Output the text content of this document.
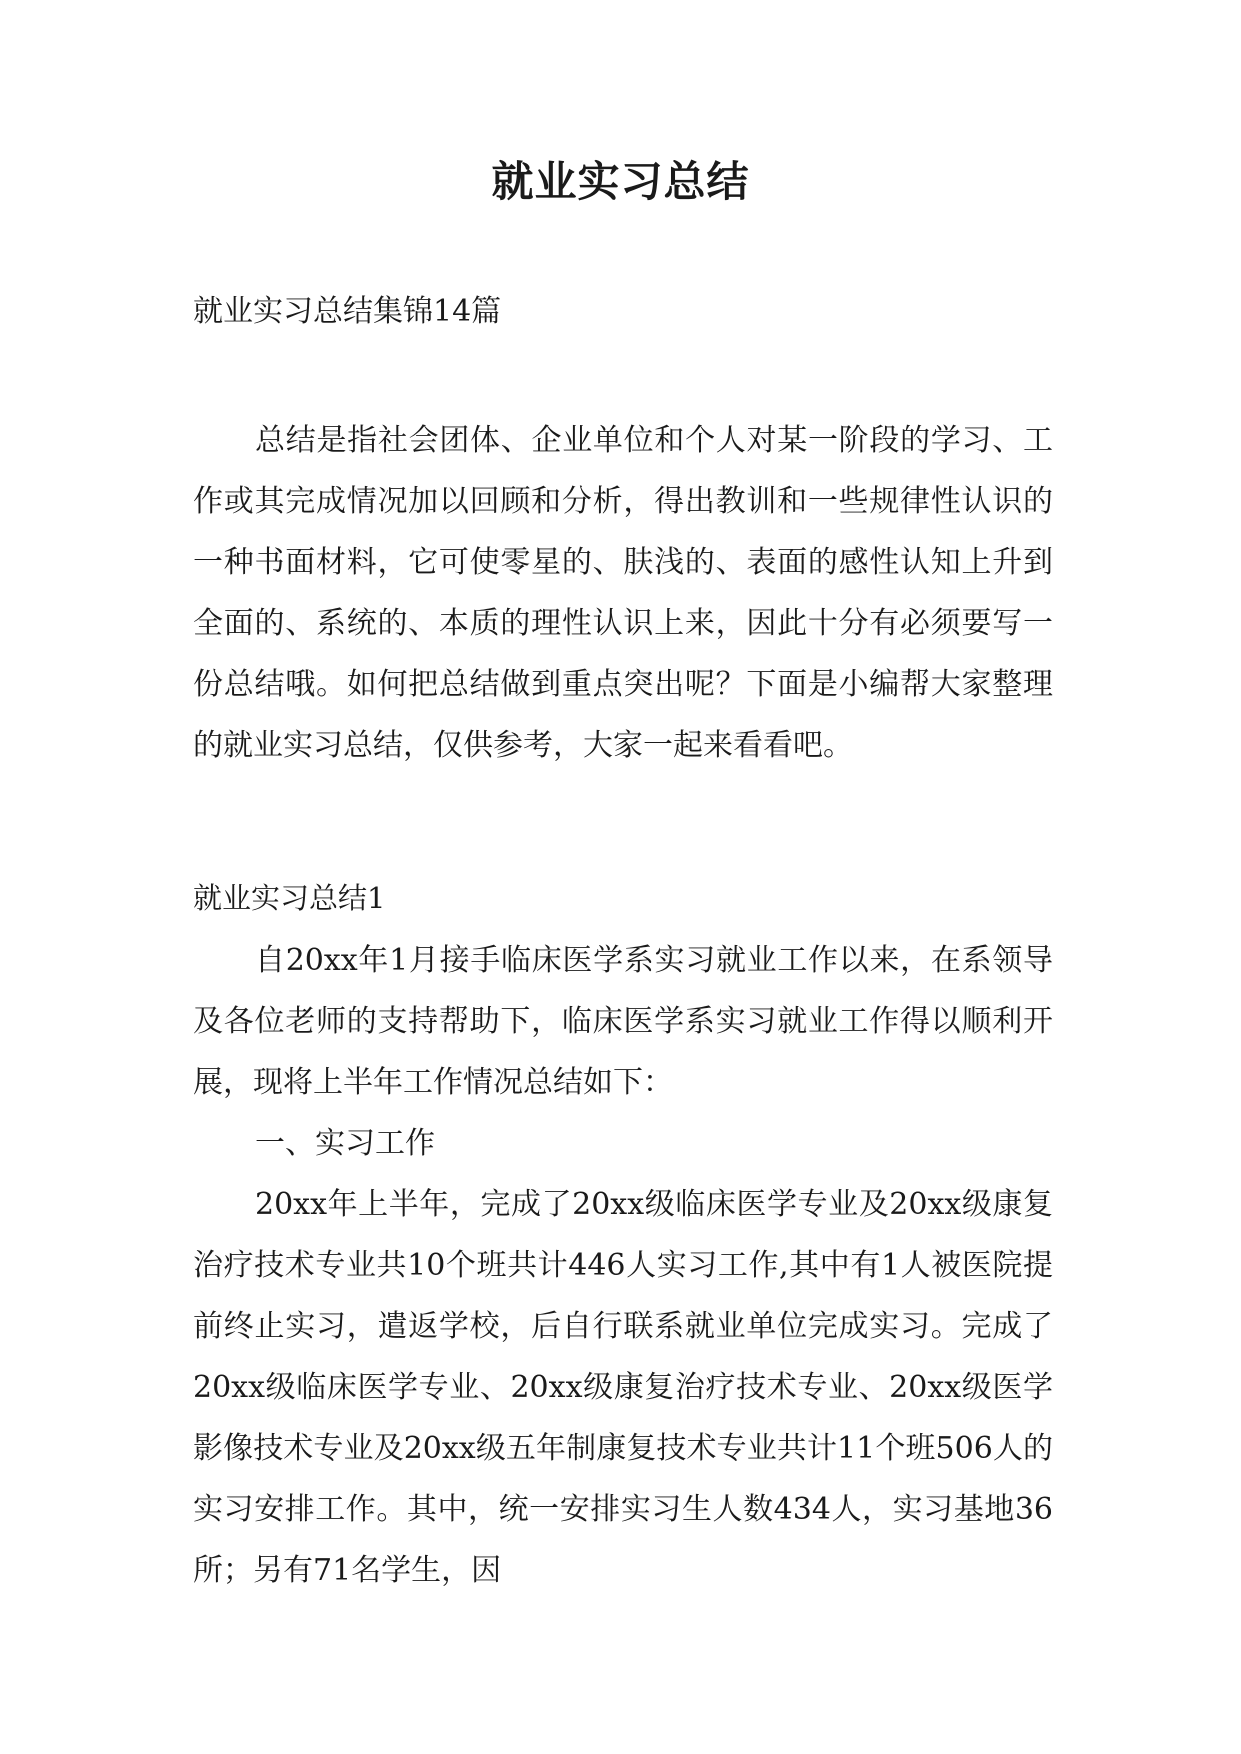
就业实习总结
就业实习总结集锦14篇

总结是指社会团体、企业单位和个人对某一阶段的学习、工作或其完成情况加以回顾和分析，得出教训和一些规律性认识的一种书面材料，它可使零星的、肤浅的、表面的感性认知上升到全面的、系统的、本质的理性认识上来，因此十分有必须要写一份总结哦。如何把总结做到重点突出呢？下面是小编帮大家整理的就业实习总结，仅供参考，大家一起来看看吧。

就业实习总结1

自20xx年1月接手临床医学系实习就业工作以来，在系领导及各位老师的支持帮助下，临床医学系实习就业工作得以顺利开展，现将上半年工作情况总结如下：

一、实习工作

20xx年上半年，完成了20xx级临床医学专业及20xx级康复治疗技术专业共10个班共计446人实习工作,其中有1人被医院提前终止实习，遣返学校，后自行联系就业单位完成实习。完成了20xx级临床医学专业、20xx级康复治疗技术专业、20xx级医学影像技术专业及20xx级五年制康复技术专业共计11个班506人的实习安排工作。其中，统一安排实习生人数434人，实习基地36所；另有71名学生，因
